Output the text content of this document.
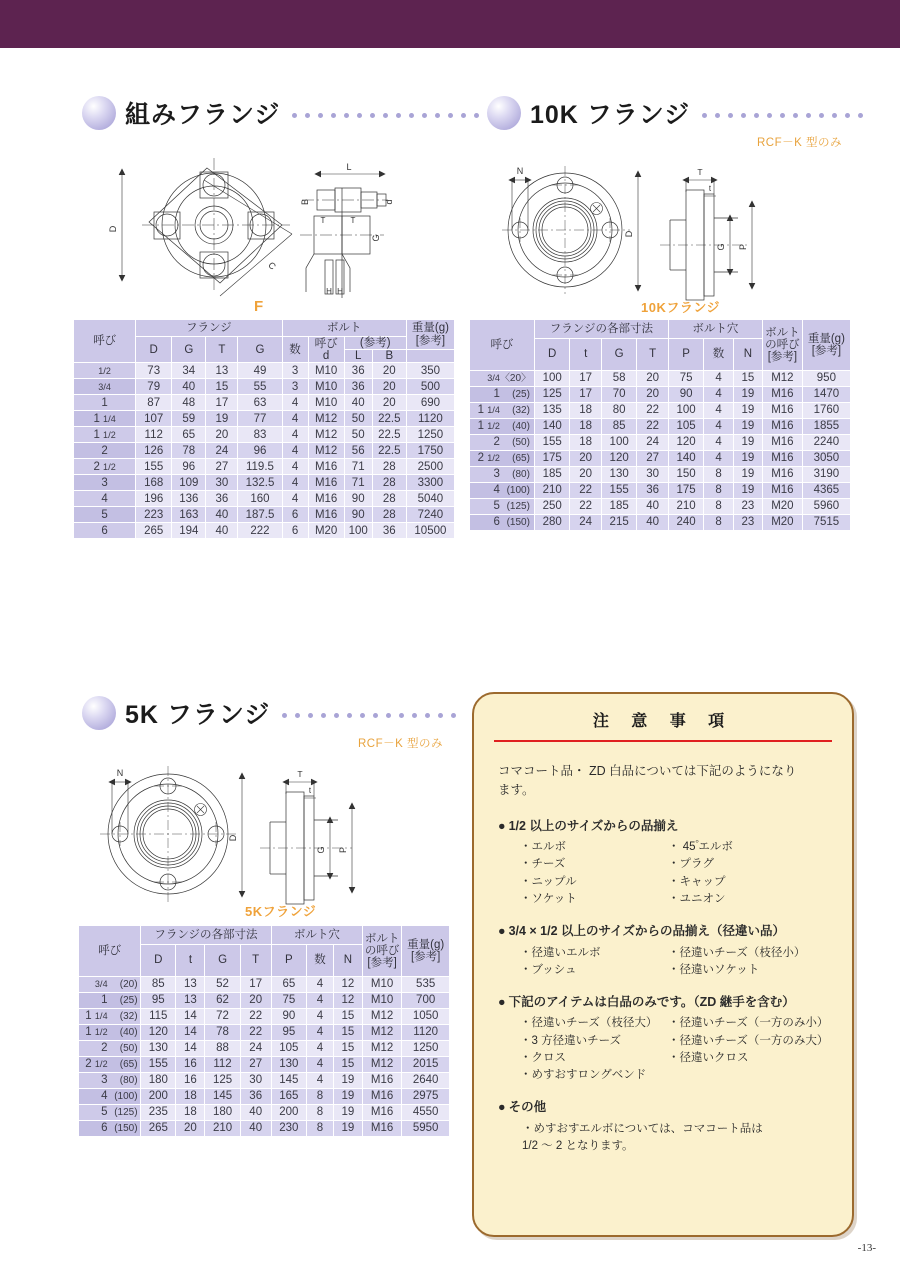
組みフランジ
D
C
L
B	d
G
T	T
H H
F
呼び	フランジ				ボルト				重量(g)
[参考]

	D	G	T	G	数	呼び
d	(参考)		
							L	B	
$^1$/2	73	34	13	49	3	M10	36	20	350
$^3$/4	79	40	15	55	3	M10	36	20	500
1	87	48	17	63	4	M10	40	20	690
1 $^1$/4	107	59	19	77	4	M12	50	22.5	1120
1 $^1$/2	112	65	20	83	4	M12	50	22.5	1250
2	126	78	24	96	4	M12	56	22.5	1750
2 $^1$/2	155	96	27	119.5	4	M16	71	28	2500
3	168	109	30	132.5	4	M16	71	28	3300
4	196	136	36	160	4	M16	90	28	5040
5	223	163	40	187.5	6	M16	90	28	7240
6	265	194	40	222	6	M20	100	36	10500
10K フランジ
RCF－K 型のみ
N
D
T
t
G P
10Kフランジ
呼び	フランジの各部寸法	ボルト穴	ボルト
の呼び
[参考]

重量(g)
[参考]

	D	t	G	T	P	数	N		
$^3$/4〈20〉	100	17	58	20	75	4	15	M12	950
1 (25)	125	17	70	20	90	4	19	M16	1470
1 $^1$/4 (32)	135	18	80	22	100	4	19	M16	1760
1 $^1$/2 (40)	140	18	85	22	105	4	19	M16	1855
2 (50)	155	18	100	24	120	4	19	M16	2240
2 $^1$/2 (65)	175	20	120	27	140	4	19	M16	3050
3 (80)	185	20	130	30	150	8	19	M16	3190
4 (100)	210	22	155	36	175	8	19	M16	4365
5 (125)	250	22	185	40	210	8	23	M20	5960
6 (150)	280	24	215	40	240	8	23	M20	7515
5K フランジ
RCF－K 型のみ
N
D
T
t
G P
5Kフランジ
呼び	フランジの各部寸法	ボルト穴	ボルト
の呼び
[参考]

重量(g)
[参考]

	D	t	G	T	P	数	N		
$^3$/4 (20)	85	13	52	17	65	4	12	M10	535
1 (25)	95	13	62	20	75	4	12	M10	700
1 $^1$/4 (32)	115	14	72	22	90	4	15	M12	1050
1 $^1$/2 (40)	120	14	78	22	95	4	15	M12	1120
2 (50)	130	14	88	24	105	4	15	M12	1250
2 $^1$/2 (65)	155	16	112	27	130	4	15	M12	2015
3 (80)	180	16	125	30	145	4	19	M16	2640
4 (100)	200	18	145	36	165	8	19	M16	2975
5 (125)	235	18	180	40	200	8	19	M16	4550
6 (150)	265	20	210	40	230	8	19	M16	5950
注 意 事 項
コマコート品・ ZD 白品については下記のようになり
ます。
● 1/2 以上のサイズからの品揃え
・エルボ
・チーズ
・ニップル
・ソケット
・ 45 ゚エルボ
・プラグ
・キャップ
・ユニオン
● 3/4 × 1/2 以上のサイズからの品揃え（径違い品）
・径違いエルボ
・ブッシュ
・径違いチーズ（枝径小）
・径違いソケット
● 下記のアイテムは白品のみです。（ZD 継手を含む）
・径違いチーズ（枝径大）
・3 方径違いチーズ
・クロス
・めすおすロングベンド
・径違いチーズ（一方のみ小）
・径違いチーズ（一方のみ大）
・径違いクロス
● その他
・めすおすエルボについては、コマコート品は
1/2 ～ 2 となります。
-13-
